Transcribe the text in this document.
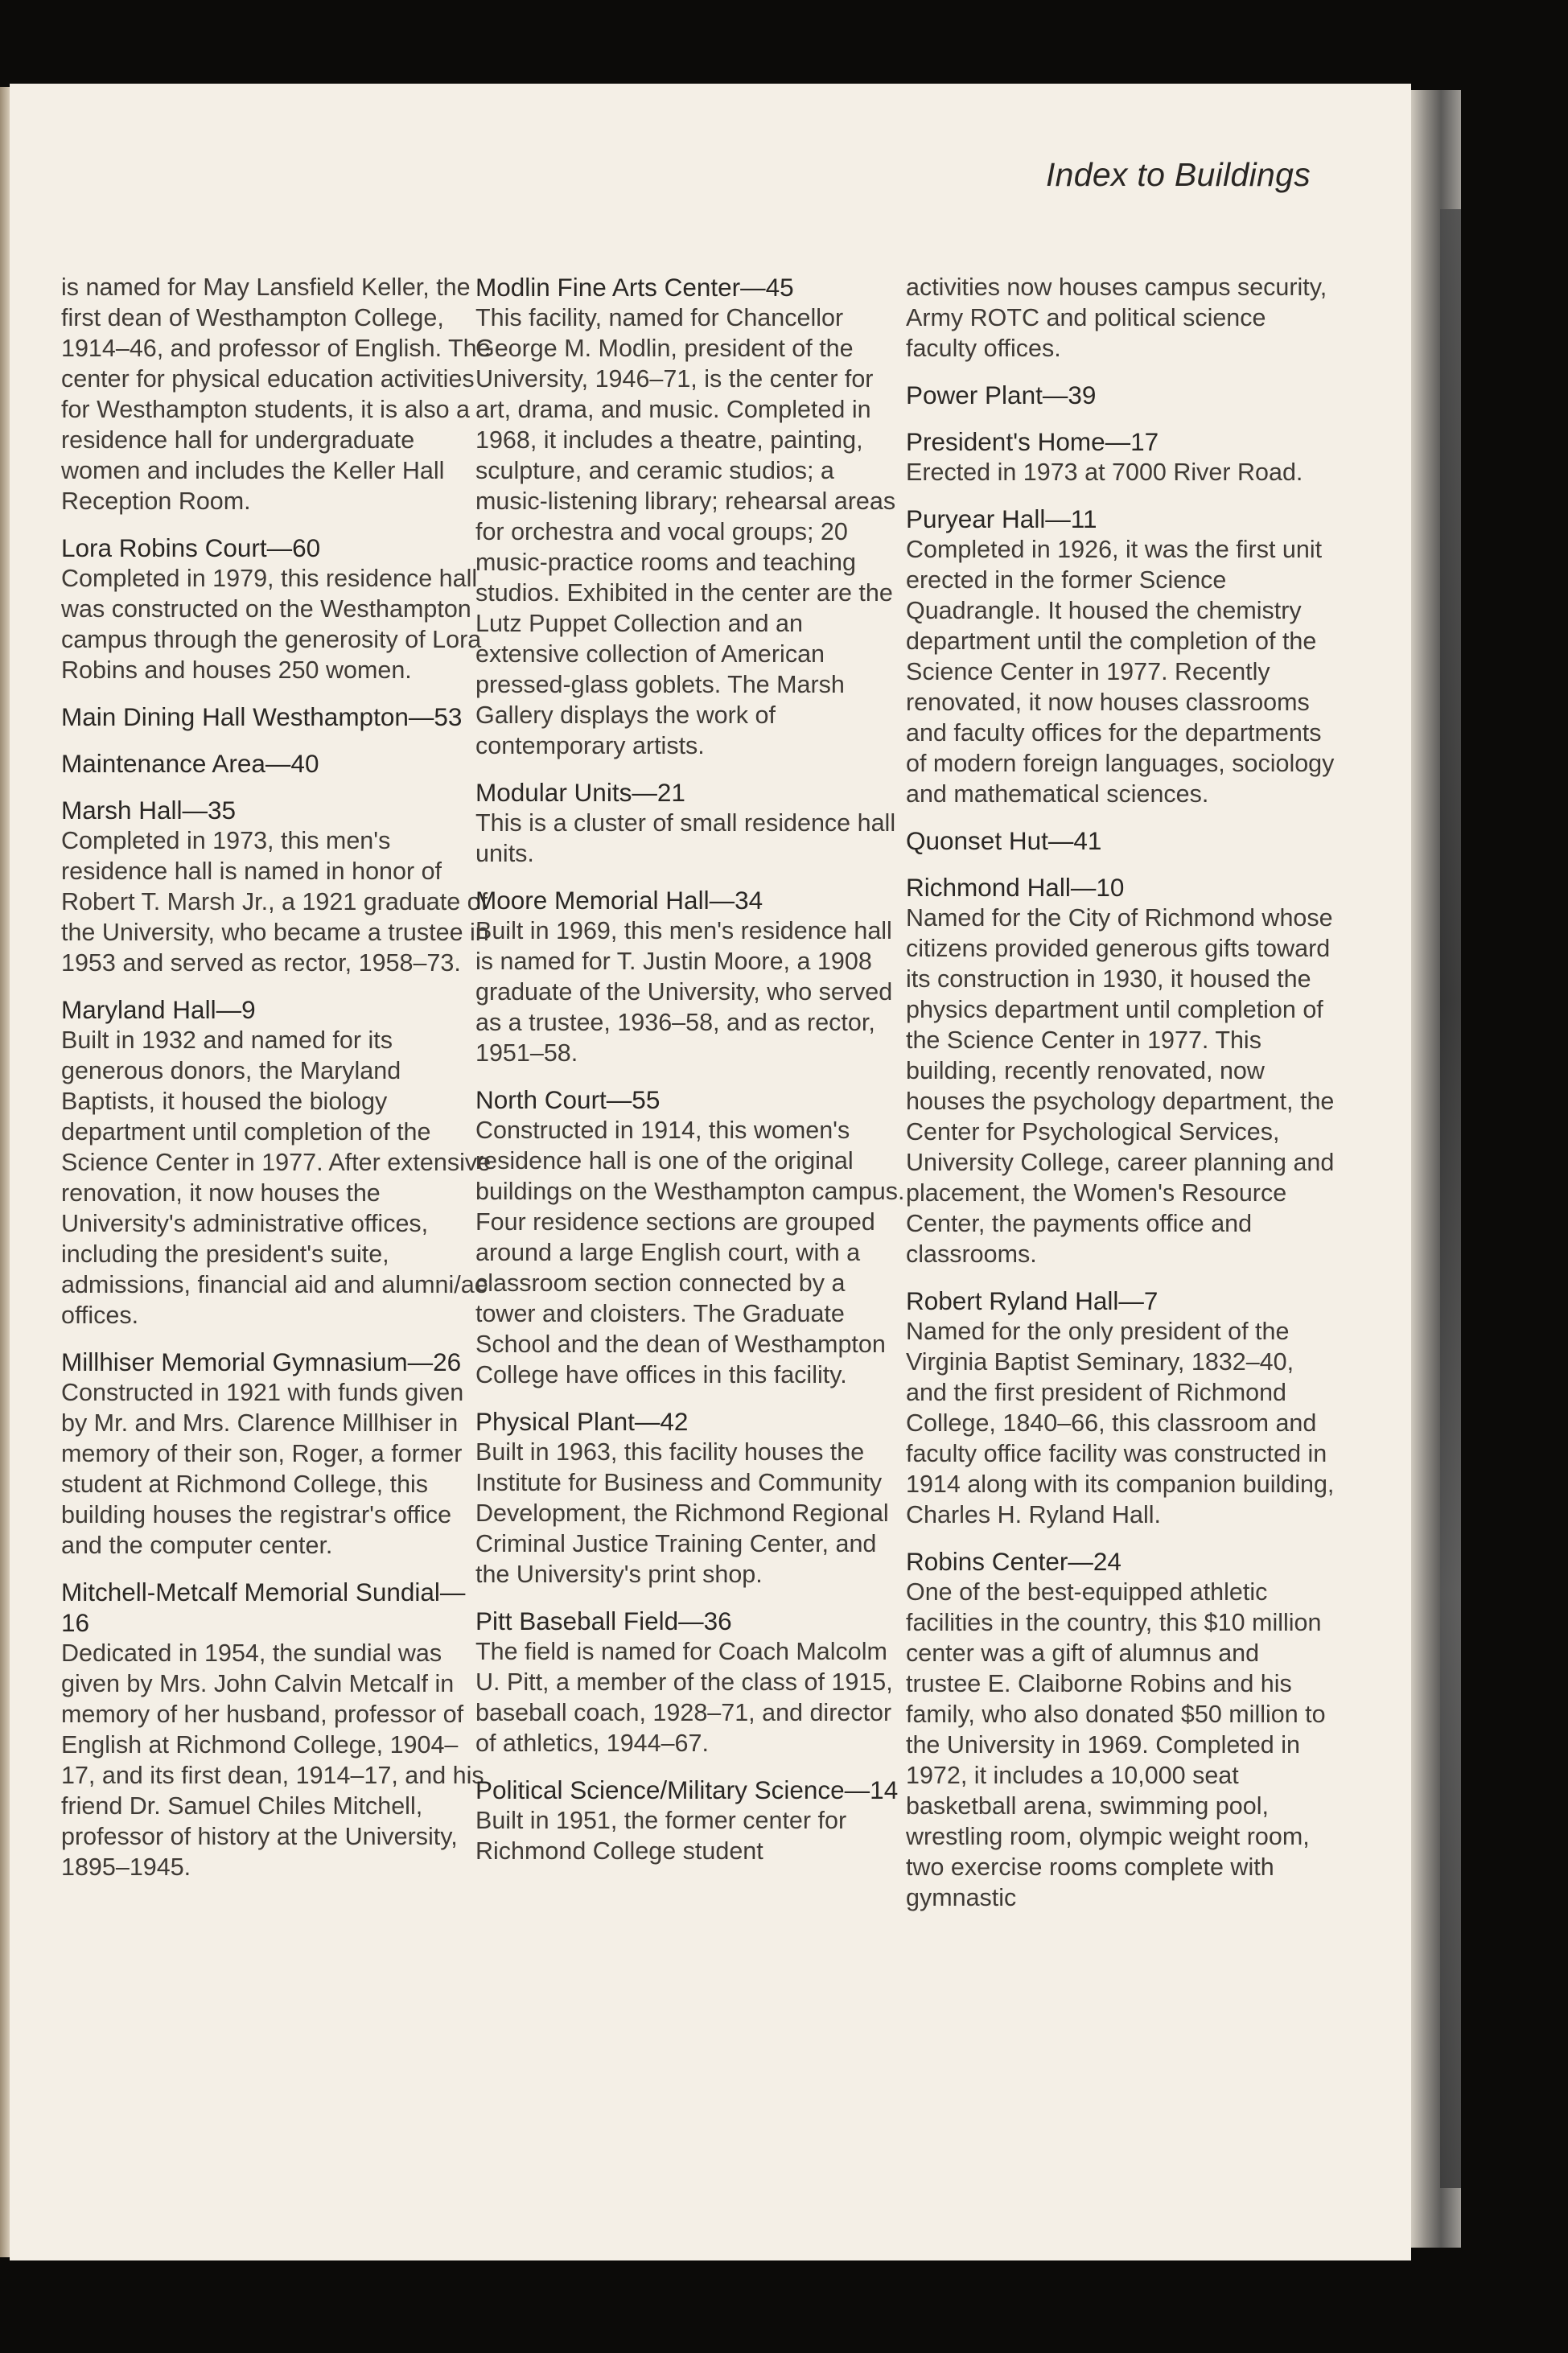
Index to Buildings
is named for May Lansfield Keller, the first dean of Westhampton College, 1914–46, and professor of English. The center for physical education activities for Westhampton students, it is also a residence hall for undergraduate women and includes the Keller Hall Reception Room.
Lora Robins Court—60
Completed in 1979, this residence hall was constructed on the Westhampton campus through the generosity of Lora Robins and houses 250 women.
Main Dining Hall Westhampton—53
Maintenance Area—40
Marsh Hall—35
Completed in 1973, this men's residence hall is named in honor of Robert T. Marsh Jr., a 1921 graduate of the University, who became a trustee in 1953 and served as rector, 1958–73.
Maryland Hall—9
Built in 1932 and named for its generous donors, the Maryland Baptists, it housed the biology department until completion of the Science Center in 1977. After extensive renovation, it now houses the University's administrative offices, including the president's suite, admissions, financial aid and alumni/ae offices.
Millhiser Memorial Gymnasium—26
Constructed in 1921 with funds given by Mr. and Mrs. Clarence Millhiser in memory of their son, Roger, a former student at Richmond College, this building houses the registrar's office and the computer center.
Mitchell-Metcalf Memorial Sundial—16
Dedicated in 1954, the sundial was given by Mrs. John Calvin Metcalf in memory of her husband, professor of English at Richmond College, 1904–17, and its first dean, 1914–17, and his friend Dr. Samuel Chiles Mitchell, professor of history at the University, 1895–1945.
Modlin Fine Arts Center—45
This facility, named for Chancellor George M. Modlin, president of the University, 1946–71, is the center for art, drama, and music. Completed in 1968, it includes a theatre, painting, sculpture, and ceramic studios; a music-listening library; rehearsal areas for orchestra and vocal groups; 20 music-practice rooms and teaching studios. Exhibited in the center are the Lutz Puppet Collection and an extensive collection of American pressed-glass goblets. The Marsh Gallery displays the work of contemporary artists.
Modular Units—21
This is a cluster of small residence hall units.
Moore Memorial Hall—34
Built in 1969, this men's residence hall is named for T. Justin Moore, a 1908 graduate of the University, who served as a trustee, 1936–58, and as rector, 1951–58.
North Court—55
Constructed in 1914, this women's residence hall is one of the original buildings on the Westhampton campus. Four residence sections are grouped around a large English court, with a classroom section connected by a tower and cloisters. The Graduate School and the dean of Westhampton College have offices in this facility.
Physical Plant—42
Built in 1963, this facility houses the Institute for Business and Community Development, the Richmond Regional Criminal Justice Training Center, and the University's print shop.
Pitt Baseball Field—36
The field is named for Coach Malcolm U. Pitt, a member of the class of 1915, baseball coach, 1928–71, and director of athletics, 1944–67.
Political Science/Military Science—14
Built in 1951, the former center for Richmond College student
activities now houses campus security, Army ROTC and political science faculty offices.
Power Plant—39
President's Home—17
Erected in 1973 at 7000 River Road.
Puryear Hall—11
Completed in 1926, it was the first unit erected in the former Science Quadrangle. It housed the chemistry department until the completion of the Science Center in 1977. Recently renovated, it now houses classrooms and faculty offices for the departments of modern foreign languages, sociology and mathematical sciences.
Quonset Hut—41
Richmond Hall—10
Named for the City of Richmond whose citizens provided generous gifts toward its construction in 1930, it housed the physics department until completion of the Science Center in 1977. This building, recently renovated, now houses the psychology department, the Center for Psychological Services, University College, career planning and placement, the Women's Resource Center, the payments office and classrooms.
Robert Ryland Hall—7
Named for the only president of the Virginia Baptist Seminary, 1832–40, and the first president of Richmond College, 1840–66, this classroom and faculty office facility was constructed in 1914 along with its companion building, Charles H. Ryland Hall.
Robins Center—24
One of the best-equipped athletic facilities in the country, this $10 million center was a gift of alumnus and trustee E. Claiborne Robins and his family, who also donated $50 million to the University in 1969. Completed in 1972, it includes a 10,000 seat basketball arena, swimming pool, wrestling room, olympic weight room, two exercise rooms complete with gymnastic
